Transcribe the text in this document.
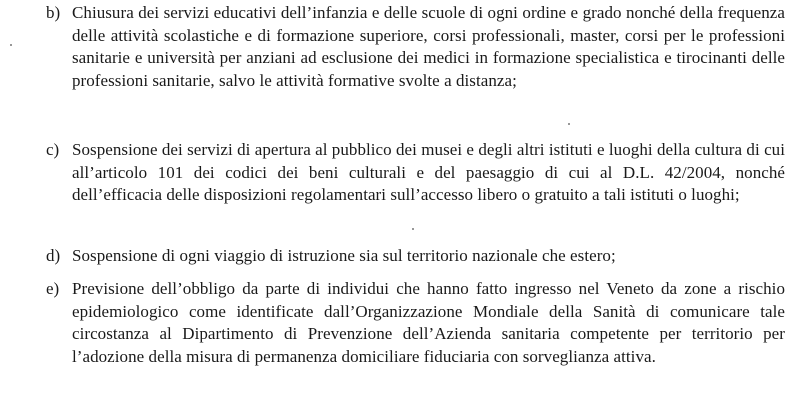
b) Chiusura dei servizi educativi dell’infanzia e delle scuole di ogni ordine e grado nonché della frequenza delle attività scolastiche e di formazione superiore, corsi professionali, master, corsi per le professioni sanitarie e università per anziani ad esclusione dei medici in formazione specialistica e tirocinanti delle professioni sanitarie, salvo le attività formative svolte a distanza;
c) Sospensione dei servizi di apertura al pubblico dei musei e degli altri istituti e luoghi della cultura di cui all’articolo 101 dei codici dei beni culturali e del paesaggio di cui al D.L. 42/2004, nonché dell’efficacia delle disposizioni regolamentari sull’accesso libero o gratuito a tali istituti o luoghi;
d) Sospensione di ogni viaggio di istruzione sia sul territorio nazionale che estero;
e) Previsione dell’obbligo da parte di individui che hanno fatto ingresso nel Veneto da zone a rischio epidemiologico come identificate dall’Organizzazione Mondiale della Sanità di comunicare tale circostanza al Dipartimento di Prevenzione dell’Azienda sanitaria competente per territorio per l’adozione della misura di permanenza domiciliare fiduciaria con sorveglianza attiva.
